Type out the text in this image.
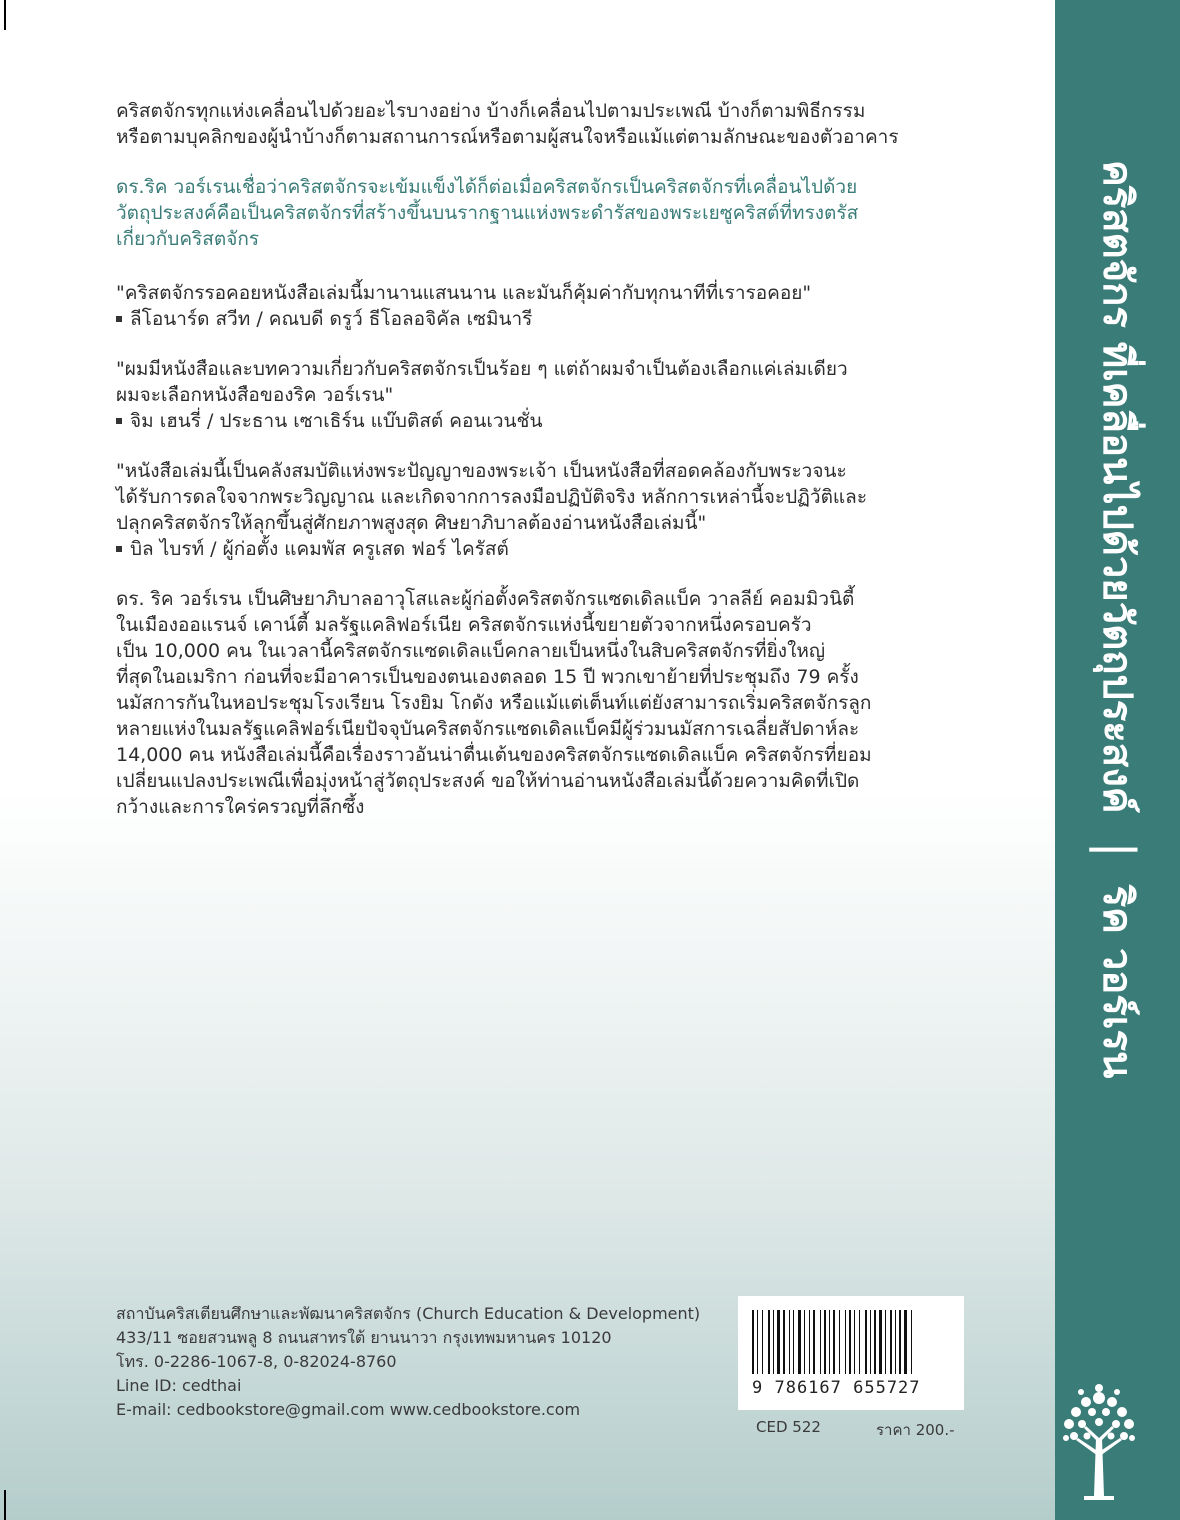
คริสตจักรทุกแห่งเคลื่อนไปด้วยอะไรบางอย่าง บ้างก็เคลื่อนไปตามประเพณี บ้างก็ตามพิธีกรรม

หรือตามบุคลิกของผู้นำบ้างก็ตามสถานการณ์หรือตามผู้สนใจหรือแม้แต่ตามลักษณะของตัวอาคาร

ดร.ริค วอร์เรนเชื่อว่าคริสตจักรจะเข้มแข็งได้ก็ต่อเมื่อคริสตจักรเป็นคริสตจักรที่เคลื่อนไปด้วย

วัตถุประสงค์คือเป็นคริสตจักรที่สร้างขึ้นบนรากฐานแห่งพระดำรัสของพระเยซูคริสต์ที่ทรงตรัส

เกี่ยวกับคริสตจักร

"คริสตจักรรอคอยหนังสือเล่มนี้มานานแสนนาน และมันก็คุ้มค่ากับทุกนาทีที่เรารอคอย"

ลีโอนาร์ด สวีท / คณบดี ดรูว์ ธีโอลอจิคัล เซมินารี

"ผมมีหนังสือและบทความเกี่ยวกับคริสตจักรเป็นร้อย ๆ แต่ถ้าผมจำเป็นต้องเลือกแค่เล่มเดียว

ผมจะเลือกหนังสือของริค วอร์เรน"

จิม เฮนรี่ / ประธาน เซาเธิร์น แบ๊บติสต์ คอนเวนชั่น

"หนังสือเล่มนี้เป็นคลังสมบัติแห่งพระปัญญาของพระเจ้า เป็นหนังสือที่สอดคล้องกับพระวจนะ

ได้รับการดลใจจากพระวิญญาณ และเกิดจากการลงมือปฏิบัติจริง หลักการเหล่านี้จะปฏิวัติและ

ปลุกคริสตจักรให้ลุกขึ้นสู่ศักยภาพสูงสุด ศิษยาภิบาลต้องอ่านหนังสือเล่มนี้"

บิล ไบรท์ / ผู้ก่อตั้ง แคมพัส ครูเสด ฟอร์ ไครัสต์

ดร. ริค วอร์เรน เป็นศิษยาภิบาลอาวุโสและผู้ก่อตั้งคริสตจักรแซดเดิลแบ็ค วาลลีย์ คอมมิวนิตี้

ในเมืองออแรนจ์ เคาน์ตี้ มลรัฐแคลิฟอร์เนีย คริสตจักรแห่งนี้ขยายตัวจากหนึ่งครอบครัว

เป็น 10,000 คน ในเวลานี้คริสตจักรแซดเดิลแบ็คกลายเป็นหนึ่งในสิบคริสตจักรที่ยิ่งใหญ่

ที่สุดในอเมริกา ก่อนที่จะมีอาคารเป็นของตนเองตลอด 15 ปี พวกเขาย้ายที่ประชุมถึง 79 ครั้ง

นมัสการกันในหอประชุมโรงเรียน โรงยิม โกดัง หรือแม้แต่เต็นท์แต่ยังสามารถเริ่มคริสตจักรลูก

หลายแห่งในมลรัฐแคลิฟอร์เนียปัจจุบันคริสตจักรแซดเดิลแบ็คมีผู้ร่วมนมัสการเฉลี่ยสัปดาห์ละ

14,000 คน หนังสือเล่มนี้คือเรื่องราวอันน่าตื่นเต้นของคริสตจักรแซดเดิลแบ็ค คริสตจักรที่ยอม

เปลี่ยนแปลงประเพณีเพื่อมุ่งหน้าสู่วัตถุประสงค์ ขอให้ท่านอ่านหนังสือเล่มนี้ด้วยความคิดที่เปิด

กว้างและการใคร่ครวญที่ลึกซึ้ง

สถาบันคริสเตียนศึกษาและพัฒนาคริสตจักร (Church Education & Development)

433/11 ซอยสวนพลู 8 ถนนสาทรใต้ ยานนาวา กรุงเทพมหานคร 10120

โทร. 0-2286-1067-8, 0-82024-8760

Line ID: cedthai

E-mail: cedbookstore@gmail.com www.cedbookstore.com

9 786167 655727
CED 522	ราคา 200.-
คริสตจักร ที่เคลื่อนไปด้วยวัตถุประสงค์
|
ริค วอร์เรน
